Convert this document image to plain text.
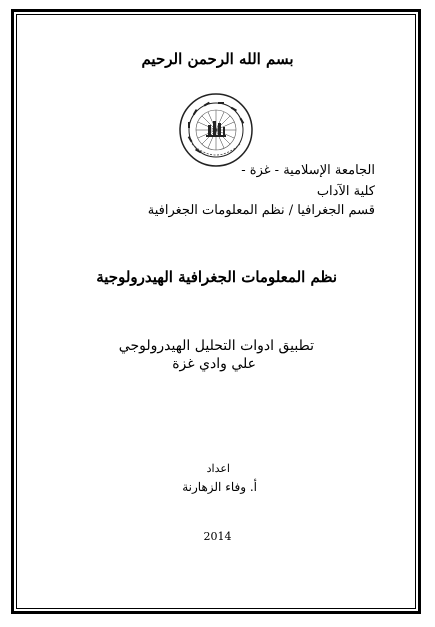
بسم الله الرحمن الرحيم
الجامعة الإسلامية - غزة -
كلية الآداب
قسم الجغرافيا / نظم المعلومات الجغرافية
نظم المعلومات الجغرافية الهيدرولوجية
تطبيق ادوات التحليل الهيدرولوجي
علي وادي غزة
اعداد
أ. وفاء الزهارنة
2014
